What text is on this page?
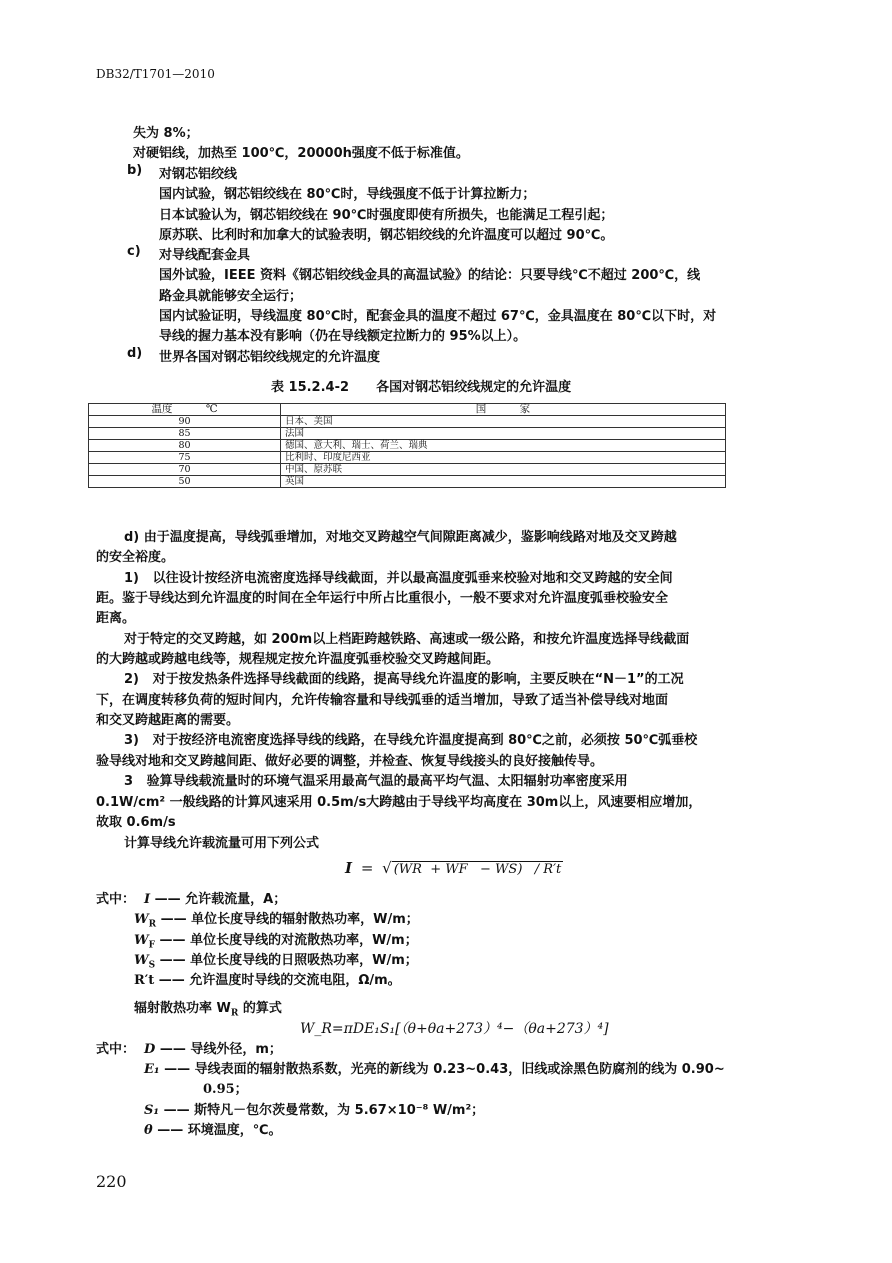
DB32/T1701—2010
失为 8%；
对硬铝线，加热至 100℃，20000h强度不低于标准值。
b) 对钢芯铝绞线
国内试验，钢芯铝绞线在 80℃时，导线强度不低于计算拉断力；
日本试验认为，钢芯铝绞线在 90℃时强度即使有所损失，也能满足工程引起；
原苏联、比利时和加拿大的试验表明，钢芯铝绞线的允许温度可以超过 90℃。
c) 对导线配套金具
国外试验，IEEE 资料《钢芯铝绞线金具的高温试验》的结论：只要导线℃不超过 200℃，线
路金具就能够安全运行；
国内试验证明，导线温度 80℃时，配套金具的温度不超过 67℃，金具温度在 80℃以下时，对
导线的握力基本没有影响（仍在导线额定拉断力的 95%以上）。
d) 世界各国对钢芯铝绞线规定的允许温度
表 15.2.4-2      各国对钢芯铝绞线规定的允许温度
温度          ℃	国          家
90	日本、美国
85	法国
80	德国、意大利、瑞士、荷兰、瑞典
75	比利时、印度尼西亚
70	中国、原苏联
50	英国
d) 由于温度提高，导线弧垂增加，对地交叉跨越空气间隙距离减少，鉴影响线路对地及交叉跨越
的安全裕度。
1)   以往设计按经济电流密度选择导线截面，并以最高温度弧垂来校验对地和交叉跨越的安全间
距。鉴于导线达到允许温度的时间在全年运行中所占比重很小，一般不要求对允许温度弧垂校验安全
距离。
对于特定的交叉跨越，如 200m以上档距跨越铁路、高速或一级公路，和按允许温度选择导线截面
的大跨越或跨越电线等，规程规定按允许温度弧垂校验交叉跨越间距。
2)   对于按发热条件选择导线截面的线路，提高导线允许温度的影响，主要反映在“N－1”的工况
下，在调度转移负荷的短时间内，允许传输容量和导线弧垂的适当增加，导致了适当补偿导线对地面
和交叉跨越距离的需要。
3)   对于按经济电流密度选择导线的线路，在导线允许温度提高到 80℃之前，必须按 50℃弧垂校
验导线对地和交叉跨越间距、做好必要的调整，并检查、恢复导线接头的良好接触传导。
3   验算导线载流量时的环境气温采用最高气温的最高平均气温、太阳辐射功率密度采用
0.1W/cm² 一般线路的计算风速采用 0.5m/s大跨越由于导线平均高度在 30m以上，风速要相应增加，
故取 0.6m/s
计算导线允许载流量可用下列公式
I = √ (WR  + WF   − WS)   / R′t
式中： I —— 允许载流量，A；
$W_R$ —— 单位长度导线的辐射散热功率，W/m；
$W_F$ —— 单位长度导线的对流散热功率，W/m；
$W_S$ —— 单位长度导线的日照吸热功率，W/m；
R′t —— 允许温度时导线的交流电阻，Ω/m。
辐射散热功率 $W_R$ 的算式
W_R=πDE₁S₁[（θ+θa+273）⁴−（θa+273）⁴]
式中： D —— 导线外径，m；
E₁ —— 导线表面的辐射散热系数，光亮的新线为 0.23~0.43，旧线或涂黑色防腐剂的线为 0.90~
0.95；
S₁ —— 斯特凡－包尔茨曼常数，为 5.67×10⁻⁸ W/m²；
θ —— 环境温度，℃。
220
